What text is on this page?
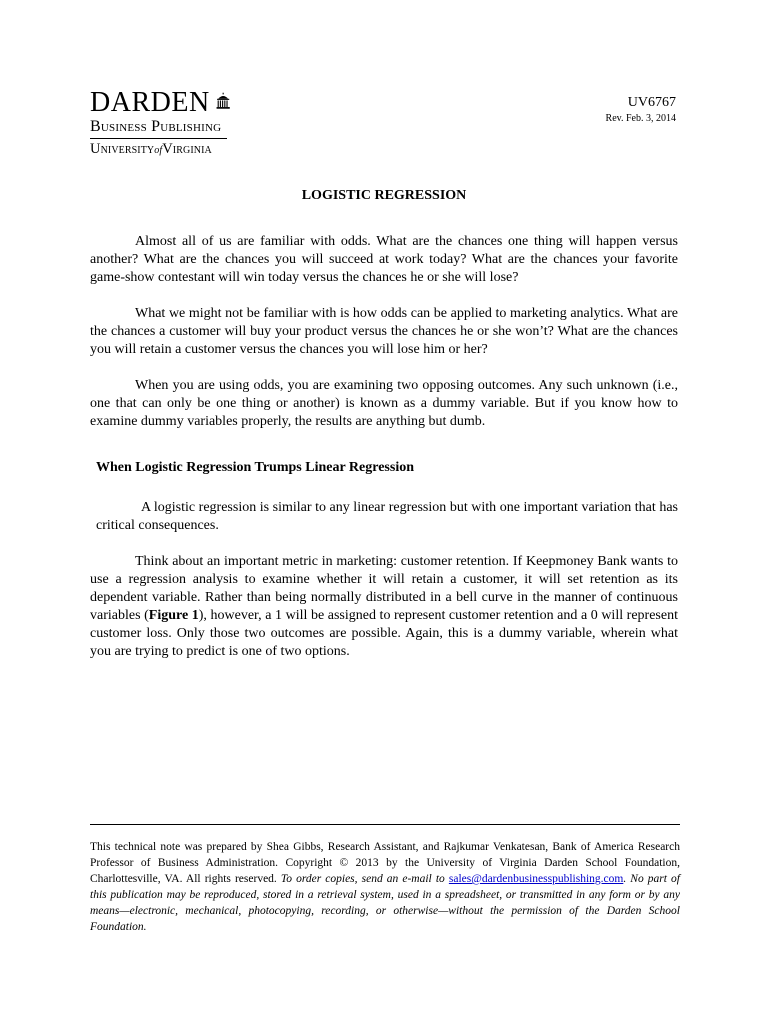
DARDEN
Business Publishing
UniversityofVirginia
UV6767
Rev. Feb. 3, 2014
LOGISTIC REGRESSION

Almost all of us are familiar with odds. What are the chances one thing will happen versus another? What are the chances you will succeed at work today? What are the chances your favorite game-show contestant will win today versus the chances he or she will lose?

What we might not be familiar with is how odds can be applied to marketing analytics. What are the chances a customer will buy your product versus the chances he or she won’t? What are the chances you will retain a customer versus the chances you will lose him or her?

When you are using odds, you are examining two opposing outcomes. Any such unknown (i.e., one that can only be one thing or another) is known as a dummy variable. But if you know how to examine dummy variables properly, the results are anything but dumb.

When Logistic Regression Trumps Linear Regression

A logistic regression is similar to any linear regression but with one important variation that has critical consequences.

Think about an important metric in marketing: customer retention. If Keepmoney Bank wants to use a regression analysis to examine whether it will retain a customer, it will set retention as its dependent variable. Rather than being normally distributed in a bell curve in the manner of continuous variables (Figure 1), however, a 1 will be assigned to represent customer retention and a 0 will represent customer loss. Only those two outcomes are possible. Again, this is a dummy variable, wherein what you are trying to predict is one of two options.

This technical note was prepared by Shea Gibbs, Research Assistant, and Rajkumar Venkatesan, Bank of America Research Professor of Business Administration. Copyright © 2013 by the University of Virginia Darden School Foundation, Charlottesville, VA. All rights reserved. To order copies, send an e-mail to sales@dardenbusinesspublishing.com. No part of this publication may be reproduced, stored in a retrieval system, used in a spreadsheet, or transmitted in any form or by any means—electronic, mechanical, photocopying, recording, or otherwise—without the permission of the Darden School Foundation.
